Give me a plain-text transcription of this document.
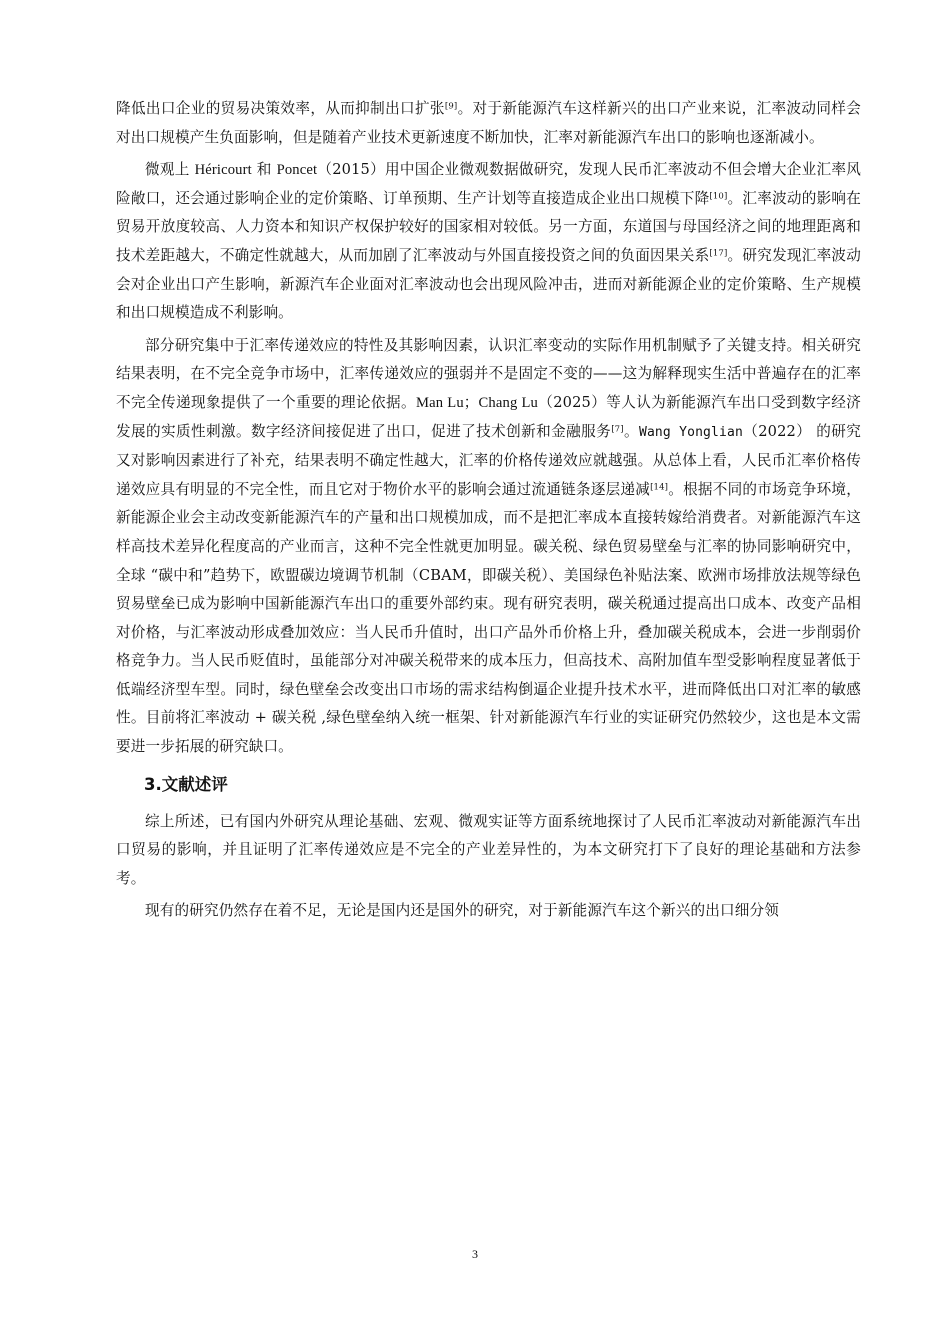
降低出口企业的贸易决策效率，从而抑制出口扩张[9]。对于新能源汽车这样新兴的出口产业来说，汇率波动同样会对出口规模产生负面影响，但是随着产业技术更新速度不断加快，汇率对新能源汽车出口的影响也逐渐减小。

微观上 Héricourt 和 Poncet（2015）用中国企业微观数据做研究，发现人民币汇率波动不但会增大企业汇率风险敞口，还会通过影响企业的定价策略、订单预期、生产计划等直接造成企业出口规模下降[10]。汇率波动的影响在贸易开放度较高、人力资本和知识产权保护较好的国家相对较低。另一方面，东道国与母国经济之间的地理距离和技术差距越大，不确定性就越大，从而加剧了汇率波动与外国直接投资之间的负面因果关系[17]。研究发现汇率波动会对企业出口产生影响，新源汽车企业面对汇率波动也会出现风险冲击，进而对新能源企业的定价策略、生产规模和出口规模造成不利影响。

部分研究集中于汇率传递效应的特性及其影响因素，认识汇率变动的实际作用机制赋予了关键支持。相关研究结果表明，在不完全竞争市场中，汇率传递效应的强弱并不是固定不变的——这为解释现实生活中普遍存在的汇率不完全传递现象提供了一个重要的理论依据。Man Lu；Chang Lu（2025）等人认为新能源汽车出口受到数字经济发展的实质性刺激。数字经济间接促进了出口，促进了技术创新和金融服务[7]。Wang Yonglian（2022） 的研究又对影响因素进行了补充，结果表明不确定性越大，汇率的价格传递效应就越强。从总体上看，人民币汇率价格传递效应具有明显的不完全性，而且它对于物价水平的影响会通过流通链条逐层递减[14]。根据不同的市场竞争环境，新能源企业会主动改变新能源汽车的产量和出口规模加成，而不是把汇率成本直接转嫁给消费者。对新能源汽车这样高技术差异化程度高的产业而言，这种不完全性就更加明显。碳关税、绿色贸易壁垒与汇率的协同影响研究中，全球 “碳中和”趋势下，欧盟碳边境调节机制（CBAM，即碳关税）、美国绿色补贴法案、欧洲市场排放法规等绿色贸易壁垒已成为影响中国新能源汽车出口的重要外部约束。现有研究表明，碳关税通过提高出口成本、改变产品相对价格，与汇率波动形成叠加效应：当人民币升值时，出口产品外币价格上升，叠加碳关税成本，会进一步削弱价格竞争力。当人民币贬值时，虽能部分对冲碳关税带来的成本压力，但高技术、高附加值车型受影响程度显著低于低端经济型车型。同时，绿色壁垒会改变出口市场的需求结构倒逼企业提升技术水平，进而降低出口对汇率的敏感性。目前将汇率波动 + 碳关税 ,绿色壁垒纳入统一框架、针对新能源汽车行业的实证研究仍然较少，这也是本文需要进一步拓展的研究缺口。

3.文献述评

综上所述，已有国内外研究从理论基础、宏观、微观实证等方面系统地探讨了人民币汇率波动对新能源汽车出口贸易的影响，并且证明了汇率传递效应是不完全的产业差异性的，为本文研究打下了良好的理论基础和方法参考。

现有的研究仍然存在着不足，无论是国内还是国外的研究，对于新能源汽车这个新兴的出口细分领

3
